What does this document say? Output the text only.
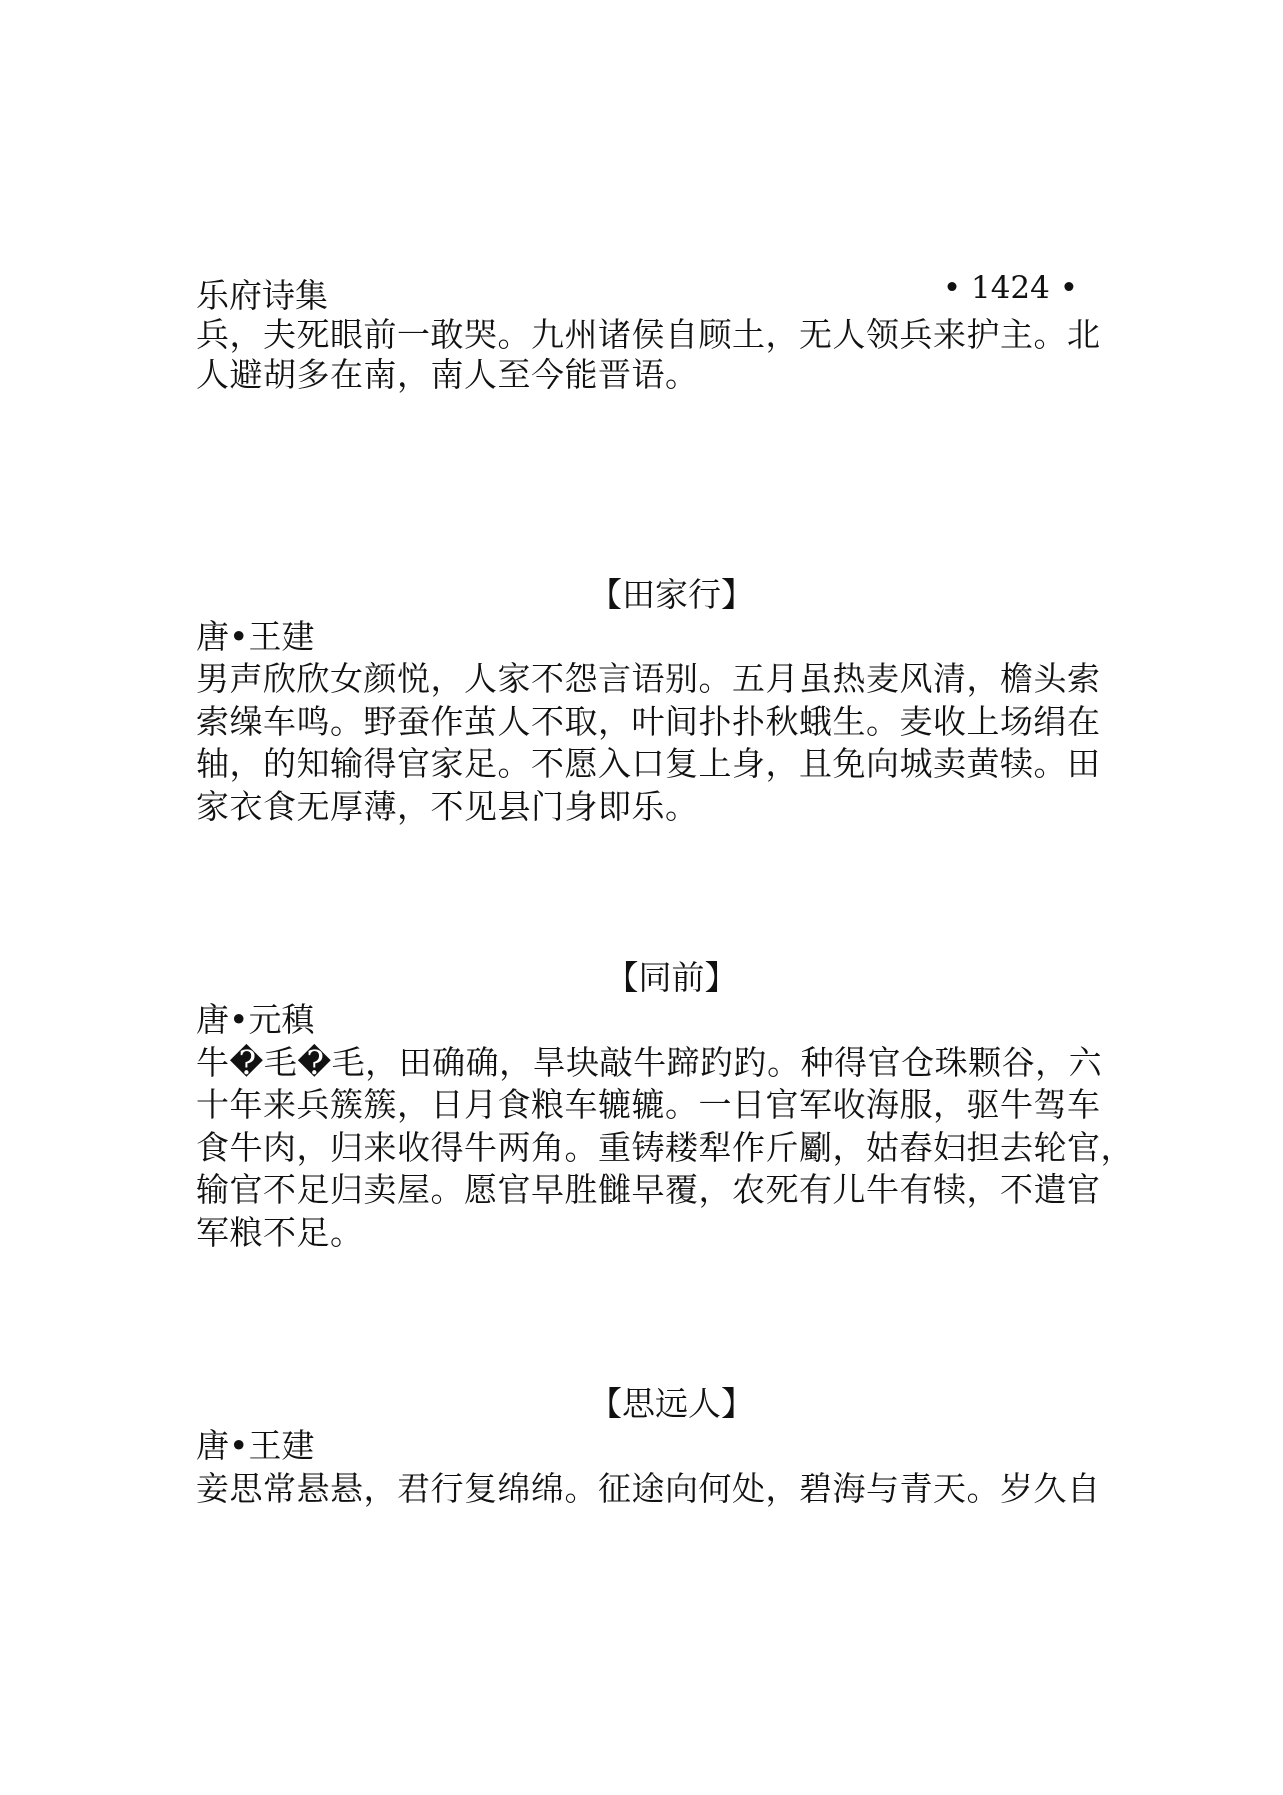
乐府诗集	• 1424 •
兵，夫死眼前一敢哭。九州诸侯自顾土，无人领兵来护主。北
人避胡多在南，南人至今能晋语。
【田家行】
唐•王建
男声欣欣女颜悦，人家不怨言语别。五月虽热麦风清，檐头索
索缲车鸣。野蚕作茧人不取，叶间扑扑秋蛾生。麦收上场绢在
轴，的知输得官家足。不愿入口复上身，且免向城卖黄犊。田
家衣食无厚薄，不见县门身即乐。
【同前】
唐•元稹
牛�毛�毛，田确确，旱块敲牛蹄趵趵。种得官仓珠颗谷，六
十年来兵簇簇，日月食粮车辘辘。一日官军收海服，驱牛驾车
食牛肉，归来收得牛两角。重铸耧犁作斤劚，姑舂妇担去轮官，
输官不足归卖屋。愿官早胜雠早覆，农死有儿牛有犊，不遣官
军粮不足。
【思远人】
唐•王建
妾思常悬悬，君行复绵绵。征途向何处，碧海与青天。岁久自
